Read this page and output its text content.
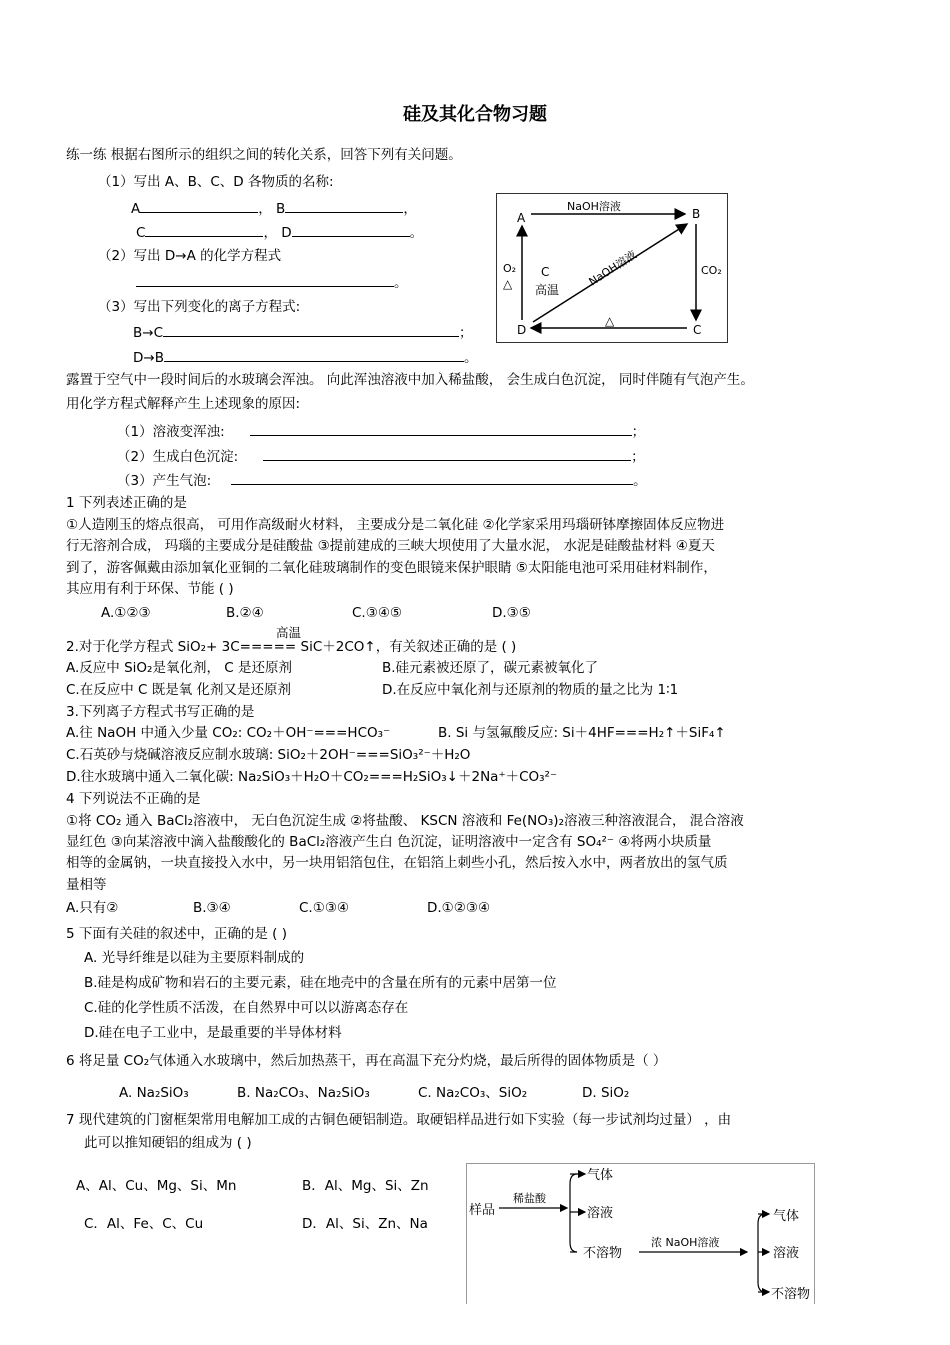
硅及其化合物习题
练一练 根据右图所示的组织之间的转化关系，回答下列有关问题。
（1）写出 A、B、C、D 各物质的名称:
A	， B	，
C	， D	。
（2）写出 D→A 的化学方程式
。
（3）写出下列变化的离子方程式:
B→C	；
D→B	。
A	B
C
D
NaOH溶液
CO₂
△
O₂
△	NaOH溶液
C
高温
露置于空气中一段时间后的水玻璃会浑浊。 向此浑浊溶液中加入稀盐酸， 会生成白色沉淀， 同时伴随有气泡产生。
用化学方程式解释产生上述现象的原因:
（1）溶液变浑浊:	；
（2）生成白色沉淀:	；
（3）产生气泡:	。
1 下列表述正确的是
①人造刚玉的熔点很高， 可用作高级耐火材料， 主要成分是二氧化硅 ②化学家采用玛瑙研钵摩擦固体反应物进
行无溶剂合成， 玛瑙的主要成分是硅酸盐 ③提前建成的三峡大坝使用了大量水泥， 水泥是硅酸盐材料 ④夏天
到了，游客佩戴由添加氧化亚铜的二氧化硅玻璃制作的变色眼镜来保护眼睛 ⑤太阳能电池可采用硅材料制作，
其应用有利于环保、节能 ( )
A.①②③	B.②④	C.③④⑤	D.③⑤
高温
2.对于化学方程式 SiO₂+ 3C===== SiC＋2CO↑，有关叙述正确的是 ( )
A.反应中 SiO₂是氧化剂， C 是还原剂	B.硅元素被还原了，碳元素被氧化了
C.在反应中 C 既是氧 化剂又是还原剂	D.在反应中氧化剂与还原剂的物质的量之比为 1∶1
3.下列离子方程式书写正确的是
A.往 NaOH 中通入少量 CO₂: CO₂＋OH⁻===HCO₃⁻	B. Si 与氢氟酸反应: Si＋4HF===H₂↑＋SiF₄↑
C.石英砂与烧碱溶液反应制水玻璃: SiO₂＋2OH⁻===SiO₃²⁻＋H₂O
D.往水玻璃中通入二氧化碳: Na₂SiO₃＋H₂O＋CO₂===H₂SiO₃↓＋2Na⁺＋CO₃²⁻
4 下列说法不正确的是
①将 CO₂ 通入 BaCl₂溶液中， 无白色沉淀生成 ②将盐酸、 KSCN 溶液和 Fe(NO₃)₂溶液三种溶液混合， 混合溶液
显红色 ③向某溶液中滴入盐酸酸化的 BaCl₂溶液产生白 色沉淀，证明溶液中一定含有 SO₄²⁻ ④将两小块质量
相等的金属钠，一块直接投入水中，另一块用铝箔包住，在铝箔上刺些小孔，然后按入水中，两者放出的氢气质
量相等
A.只有②	B.③④	C.①③④	D.①②③④
5 下面有关硅的叙述中，正确的是 ( )
A. 光导纤维是以硅为主要原料制成的
B.硅是构成矿物和岩石的主要元素，硅在地壳中的含量在所有的元素中居第一位
C.硅的化学性质不活泼，在自然界中可以以游离态存在
D.硅在电子工业中，是最重要的半导体材料
6 将足量 CO₂气体通入水玻璃中，然后加热蒸干，再在高温下充分灼烧，最后所得的固体物质是（ ）
A. Na₂SiO₃	B. Na₂CO₃、Na₂SiO₃	C. Na₂CO₃、SiO₂	D. SiO₂
7 现代建筑的门窗框架常用电解加工成的古铜色硬铝制造。取硬铝样品进行如下实验（每一步试剂均过量） ，由
此可以推知硬铝的组成为 ( )
A、Al、Cu、Mg、Si、Mn	B．Al、Mg、Si、Zn
C．Al、Fe、C、Cu	D．Al、Si、Zn、Na
样品
稀盐酸
气体
溶液
不溶物
浓 NaOH溶液
气体
溶液
不溶物
